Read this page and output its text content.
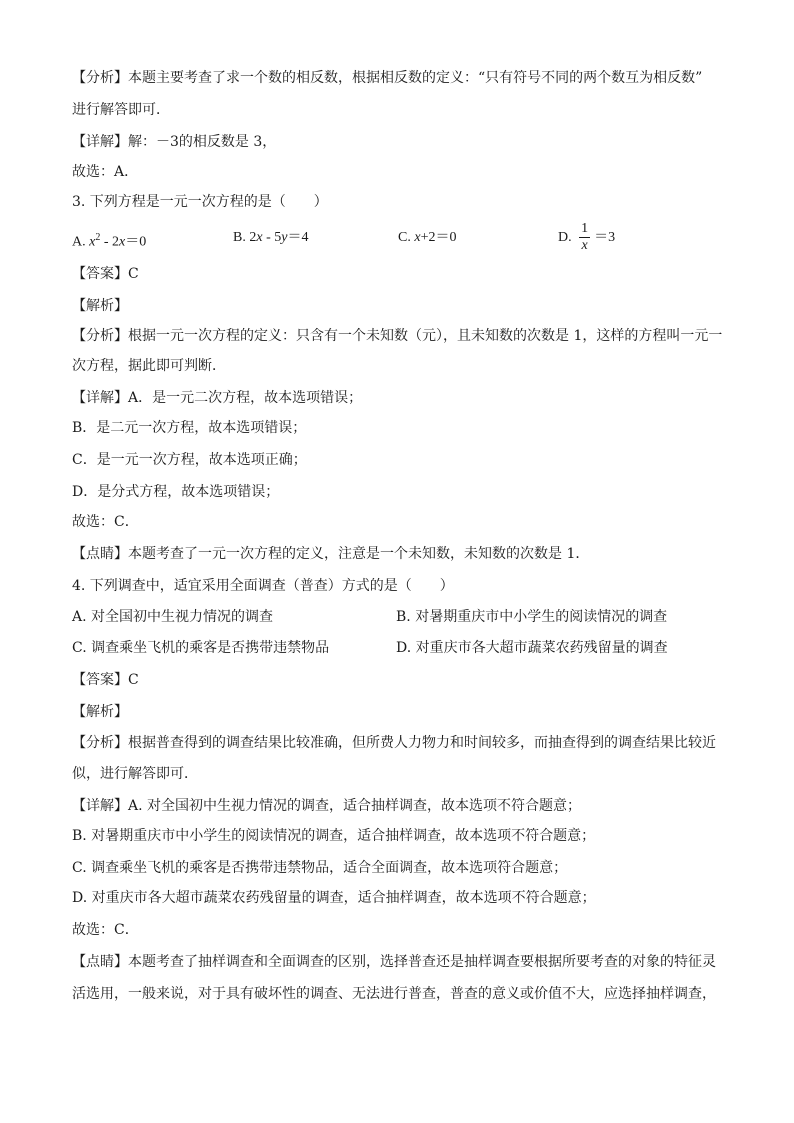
【分析】本题主要考查了求一个数的相反数，根据相反数的定义：“只有符号不同的两个数互为相反数”
进行解答即可．
【详解】解：－3的相反数是 3，
故选：A．
3. 下列方程是一元一次方程的是（　　）
A. $x^2 - 2x=0$	B. 2x - 5y＝4	C. x+2＝0	D. $\frac{1}{x} =3$
【答案】C
【解析】
【分析】根据一元一次方程的定义：只含有一个未知数（元），且未知数的次数是 1，这样的方程叫一元一
次方程，据此即可判断．
【详解】A．是一元二次方程，故本选项错误；
B．是二元一次方程，故本选项错误；
C．是一元一次方程，故本选项正确；
D．是分式方程，故本选项错误；
故选：C．
【点睛】本题考查了一元一次方程的定义，注意是一个未知数，未知数的次数是 1．
4. 下列调查中，适宜采用全面调查（普查）方式的是（　　）
A. 对全国初中生视力情况的调查	B. 对暑期重庆市中小学生的阅读情况的调查
C. 调查乘坐飞机的乘客是否携带违禁物品	D. 对重庆市各大超市蔬菜农药残留量的调查
【答案】C
【解析】
【分析】根据普查得到的调查结果比较准确，但所费人力物力和时间较多，而抽查得到的调查结果比较近
似，进行解答即可．
【详解】A. 对全国初中生视力情况的调查，适合抽样调查，故本选项不符合题意；
B. 对暑期重庆市中小学生的阅读情况的调查，适合抽样调查，故本选项不符合题意；
C. 调查乘坐飞机的乘客是否携带违禁物品，适合全面调查，故本选项符合题意；
D. 对重庆市各大超市蔬菜农药残留量的调查，适合抽样调查，故本选项不符合题意；
故选：C．
【点睛】本题考查了抽样调查和全面调查的区别，选择普查还是抽样调查要根据所要考查的对象的特征灵
活选用，一般来说，对于具有破坏性的调查、无法进行普查，普查的意义或价值不大，应选择抽样调查，
